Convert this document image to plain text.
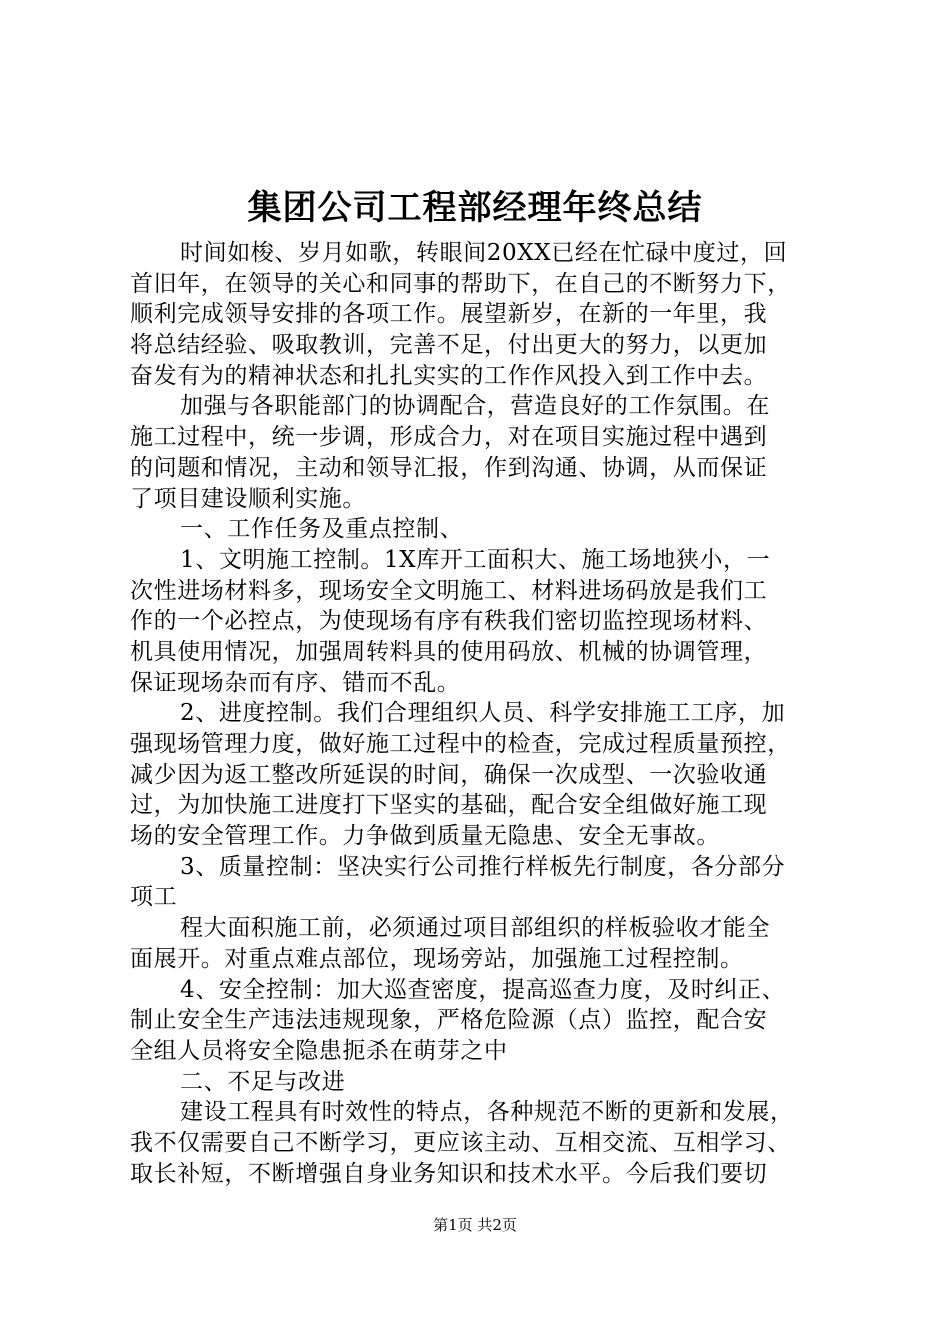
集团公司工程部经理年终总结
时间如梭、岁月如歌，转眼间20XX已经在忙碌中度过，回
首旧年，在领导的关心和同事的帮助下，在自己的不断努力下，
顺利完成领导安排的各项工作。展望新岁，在新的一年里，我
将总结经验、吸取教训，完善不足，付出更大的努力，以更加
奋发有为的精神状态和扎扎实实的工作作风投入到工作中去。
加强与各职能部门的协调配合，营造良好的工作氛围。在
施工过程中，统一步调，形成合力，对在项目实施过程中遇到
的问题和情况，主动和领导汇报，作到沟通、协调，从而保证
了项目建设顺利实施。
一、工作任务及重点控制、
1、文明施工控制。1X库开工面积大、施工场地狭小，一
次性进场材料多，现场安全文明施工、材料进场码放是我们工
作的一个必控点，为使现场有序有秩我们密切监控现场材料、
机具使用情况，加强周转料具的使用码放、机械的协调管理，
保证现场杂而有序、错而不乱。
2、进度控制。我们合理组织人员、科学安排施工工序，加
强现场管理力度，做好施工过程中的检查，完成过程质量预控，
减少因为返工整改所延误的时间，确保一次成型、一次验收通
过，为加快施工进度打下坚实的基础，配合安全组做好施工现
场的安全管理工作。力争做到质量无隐患、安全无事故。
3、质量控制：坚决实行公司推行样板先行制度，各分部分
项工
程大面积施工前，必须通过项目部组织的样板验收才能全
面展开。对重点难点部位，现场旁站，加强施工过程控制。
4、安全控制：加大巡查密度，提高巡查力度，及时纠正、
制止安全生产违法违规现象，严格危险源（点）监控，配合安
全组人员将安全隐患扼杀在萌芽之中
二、不足与改进
建设工程具有时效性的特点，各种规范不断的更新和发展，
我不仅需要自己不断学习，更应该主动、互相交流、互相学习、
取长补短，不断增强自身业务知识和技术水平。今后我们要切
第1页 共2页
